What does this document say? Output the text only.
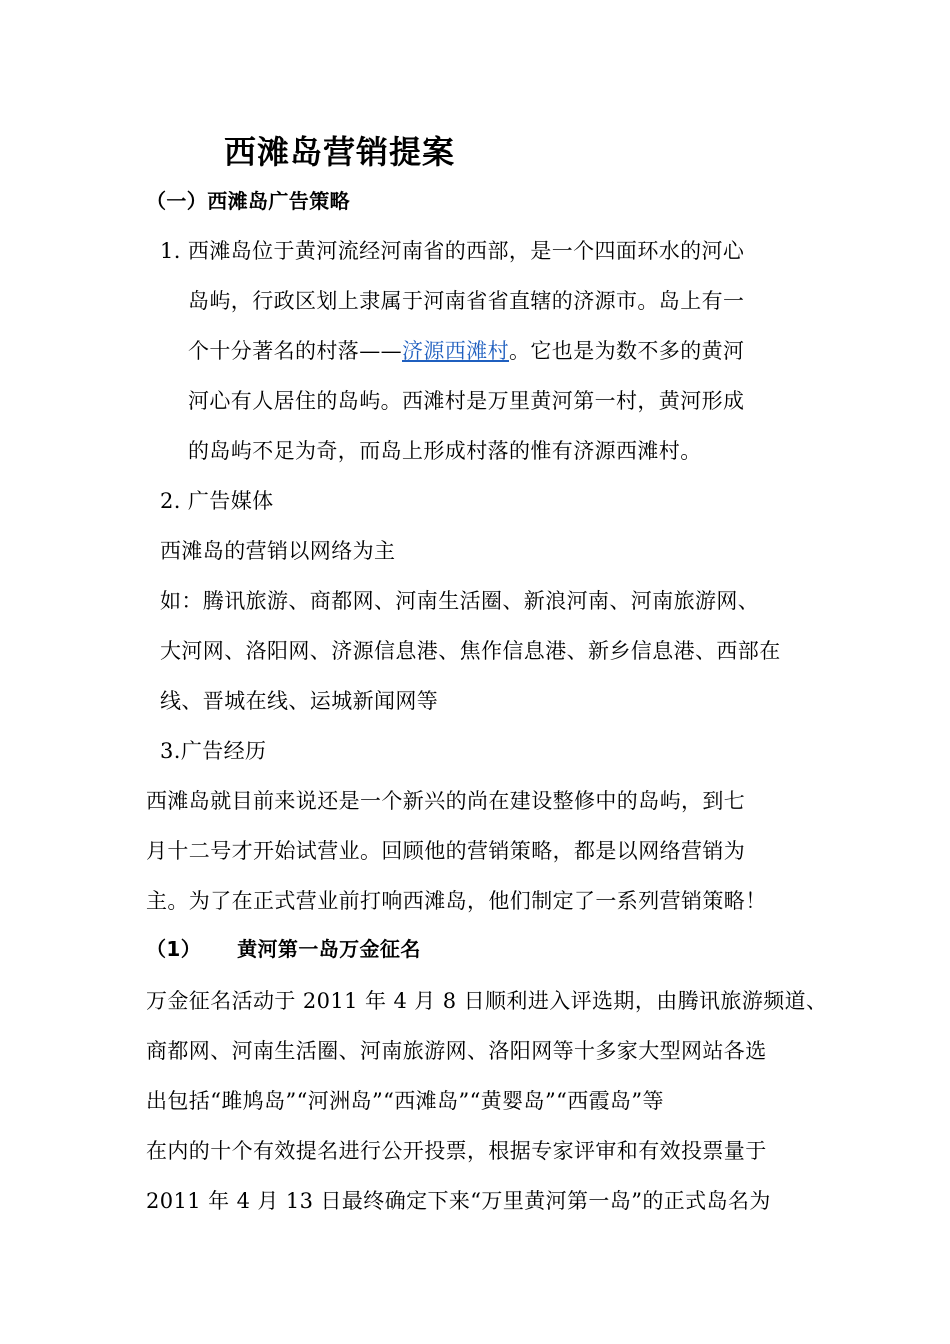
西滩岛营销提案
（一）西滩岛广告策略
1. 西滩岛位于黄河流经河南省的西部，是一个四面环水的河心
岛屿，行政区划上隶属于河南省省直辖的济源市。岛上有一
个十分著名的村落——济源西滩村。它也是为数不多的黄河
河心有人居住的岛屿。西滩村是万里黄河第一村，黄河形成
的岛屿不足为奇，而岛上形成村落的惟有济源西滩村。
2. 广告媒体
西滩岛的营销以网络为主
如：腾讯旅游、商都网、河南生活圈、新浪河南、河南旅游网、
大河网、洛阳网、济源信息港、焦作信息港、新乡信息港、西部在
线、晋城在线、运城新闻网等
3.广告经历
西滩岛就目前来说还是一个新兴的尚在建设整修中的岛屿，到七
月十二号才开始试营业。回顾他的营销策略，都是以网络营销为
主。为了在正式营业前打响西滩岛，他们制定了一系列营销策略！
（1） 黄河第一岛万金征名
万金征名活动于 2011 年 4 月 8 日顺利进入评选期，由腾讯旅游频道、
商都网、河南生活圈、河南旅游网、洛阳网等十多家大型网站各选
出包括“雎鸠岛”“河洲岛”“西滩岛”“黄婴岛”“西霞岛”等
在内的十个有效提名进行公开投票，根据专家评审和有效投票量于
2011 年 4 月 13 日最终确定下来“万里黄河第一岛”的正式岛名为
